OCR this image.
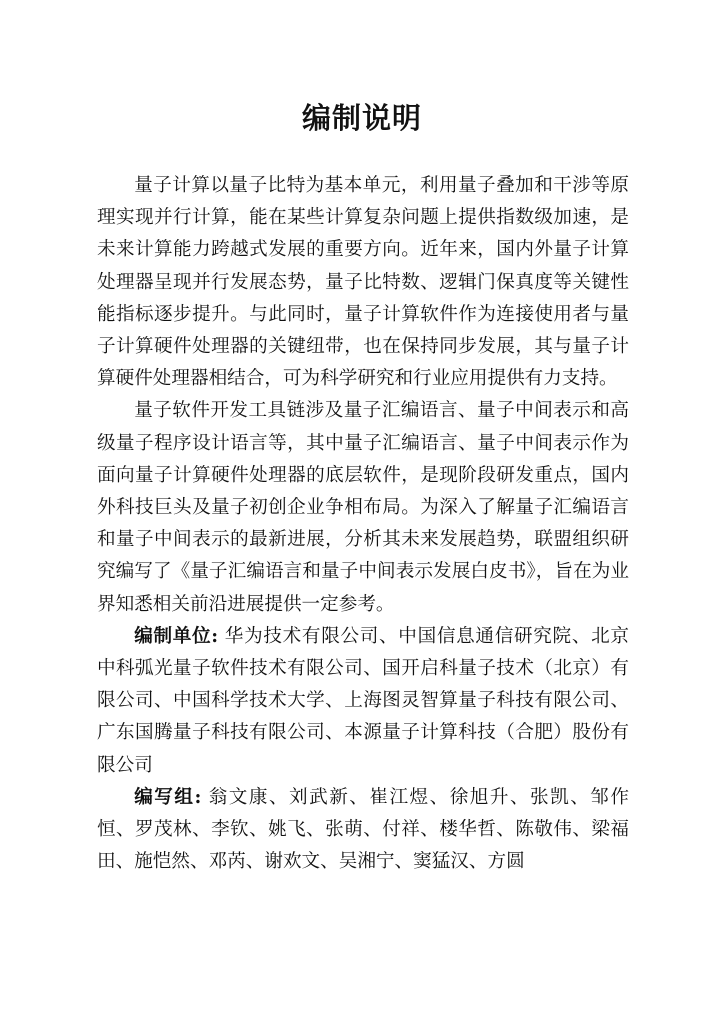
编制说明

量子计算以量子比特为基本单元，利用量子叠加和干涉等原理实现并行计算，能在某些计算复杂问题上提供指数级加速，是未来计算能力跨越式发展的重要方向。近年来，国内外量子计算处理器呈现并行发展态势，量子比特数、逻辑门保真度等关键性能指标逐步提升。与此同时，量子计算软件作为连接使用者与量子计算硬件处理器的关键纽带，也在保持同步发展，其与量子计算硬件处理器相结合，可为科学研究和行业应用提供有力支持。

量子软件开发工具链涉及量子汇编语言、量子中间表示和高级量子程序设计语言等，其中量子汇编语言、量子中间表示作为面向量子计算硬件处理器的底层软件，是现阶段研发重点，国内外科技巨头及量子初创企业争相布局。为深入了解量子汇编语言和量子中间表示的最新进展，分析其未来发展趋势，联盟组织研究编写了《量子汇编语言和量子中间表示发展白皮书》，旨在为业界知悉相关前沿进展提供一定参考。

编制单位: 华为技术有限公司、中国信息通信研究院、北京中科弧光量子软件技术有限公司、国开启科量子技术（北京）有限公司、中国科学技术大学、上海图灵智算量子科技有限公司、广东国腾量子科技有限公司、本源量子计算科技（合肥）股份有限公司

编写组: 翁文康、刘武新、崔江煜、徐旭升、张凯、邹作恒、罗茂林、李钦、姚飞、张萌、付祥、楼华哲、陈敬伟、梁福田、施恺然、邓芮、谢欢文、吴湘宁、窦猛汉、方圆
